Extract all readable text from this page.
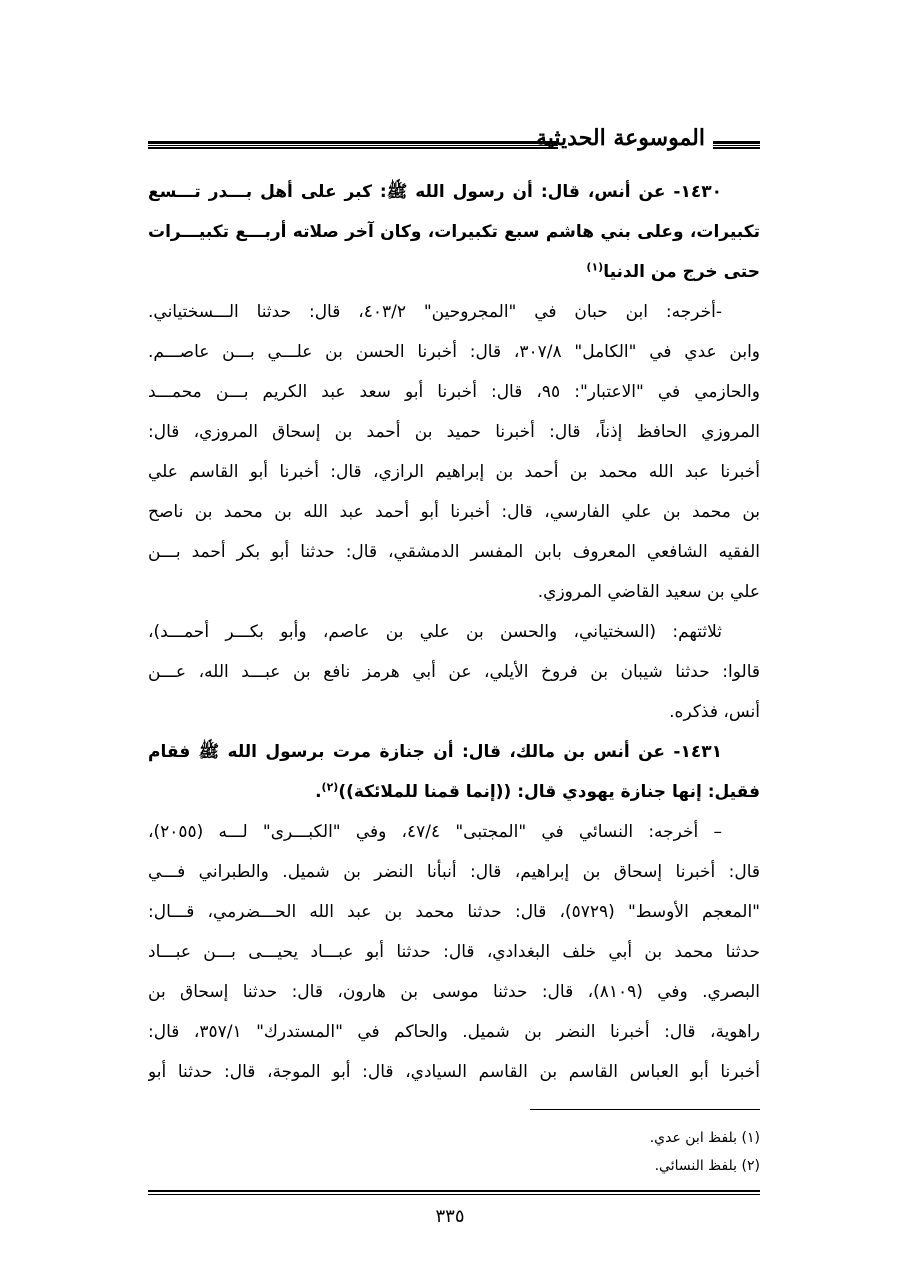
الموسوعة الحديثية
١٤٣٠- عن أنس، قال: أن رسول الله ﷺ: كبر على أهل بـــدر تـــسع
تكبيرات، وعلى بني هاشم سبع تكبيرات، وكان آخر صلاته أربـــع تكبيـــرات
حتى خرج من الدنيا$^{(١)}$
-أخرجه: ابن حبان في "المجروحين" ٤٠٣/٢، قال: حدثنا الـــسختياني.
وابن عدي في "الكامل" ٣٠٧/٨، قال: أخبرنا الحسن بن علـــي بـــن عاصـــم.
والحازمي في "الاعتبار": ٩٥، قال: أخبرنا أبو سعد عبد الكريم بـــن محمـــد
المروزي الحافظ إذناً، قال: أخبرنا حميد بن أحمد بن إسحاق المروزي، قال:
أخبرنا عبد الله محمد بن أحمد بن إبراهيم الرازي، قال: أخبرنا أبو القاسم علي
بن محمد بن علي الفارسي، قال: أخبرنا أبو أحمد عبد الله بن محمد بن ناصح
الفقيه الشافعي المعروف بابن المفسر الدمشقي، قال: حدثنا أبو بكر أحمد بـــن
علي بن سعيد القاضي المروزي.
ثلاثتهم: (السختياني، والحسن بن علي بن عاصم، وأبو بكـــر أحمـــد)،
قالوا: حدثنا شيبان بن فروخ الأيلي، عن أبي هرمز نافع بن عبـــد الله، عـــن
أنس، فذكره.
١٤٣١- عن أنس بن مالك، قال: أن جنازة مرت برسول الله ﷺ فقام
فقيل: إنها جنازة يهودي قال: ((إنما قمنا للملائكة))$^{(٢)}$.
– أخرجه: النسائي في "المجتبى" ٤٧/٤، وفي "الكبـــرى" لـــه (٢٠٥٥)،
قال: أخبرنا إسحاق بن إبراهيم، قال: أنبأنا النضر بن شميل. والطبراني فـــي
"المعجم الأوسط" (٥٧٢٩)، قال: حدثنا محمد بن عبد الله الحـــضرمي، قـــال:
حدثنا محمد بن أبي خلف البغدادي، قال: حدثنا أبو عبـــاد يحيـــى بـــن عبـــاد
البصري. وفي (٨١٠٩)، قال: حدثنا موسى بن هارون، قال: حدثنا إسحاق بن
راهوية، قال: أخبرنا النضر بن شميل. والحاكم في "المستدرك" ٣٥٧/١، قال:
أخبرنا أبو العباس القاسم بن القاسم السيادي، قال: أبو الموجة، قال: حدثنا أبو
(١) بلفظ ابن عدي.
(٢) بلفظ النسائي.
٣٣٥
